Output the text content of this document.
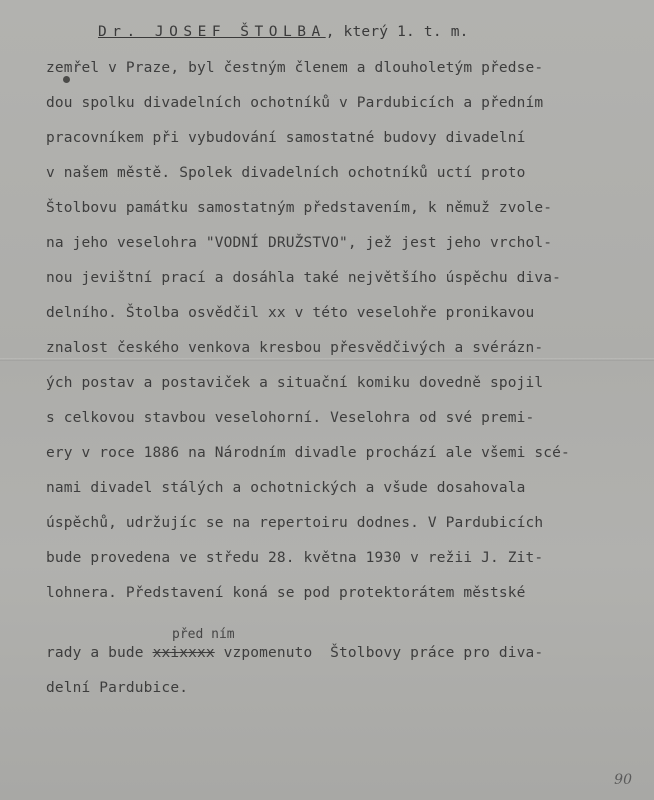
Dr. JOSEF ŠTOLBA, který 1. t. m.
zemřel v Praze, byl čestným členem a dlouholetým předse-
dou spolku divadelních ochotníků v Pardubicích a předním
pracovníkem při vybudování samostatné budovy divadelní
v našem městě. Spolek divadelních ochotníků uctí proto
Štolbovu památku samostatným představením, k němuž zvole-
na jeho veselohra "VODNÍ DRUŽSTVO", jež jest jeho vrchol-
nou jevištní prací a dosáhla také největšího úspěchu diva-
delního. Štolba osvědčil xx v této veselohře pronikavou
znalost českého venkova kresbou přesvědčivých a svérázn-
ých postav a postaviček a situační komiku dovedně spojil
s celkovou stavbou veselohorní. Veselohra od své premi-
ery v roce 1886 na Národním divadle prochází ale všemi scé-
nami divadel stálých a ochotnických a všude dosahovala
úspěchů, udržujíc se na repertoiru dodnes. V Pardubicích
bude provedena ve středu 28. května 1930 v režii J. Zit-
lohnera. Představení koná se pod protektorátem městské
před ním
rady a bude xxixxxx vzpomenuto  Štolbovy práce pro diva-
delní Pardubice.
90
